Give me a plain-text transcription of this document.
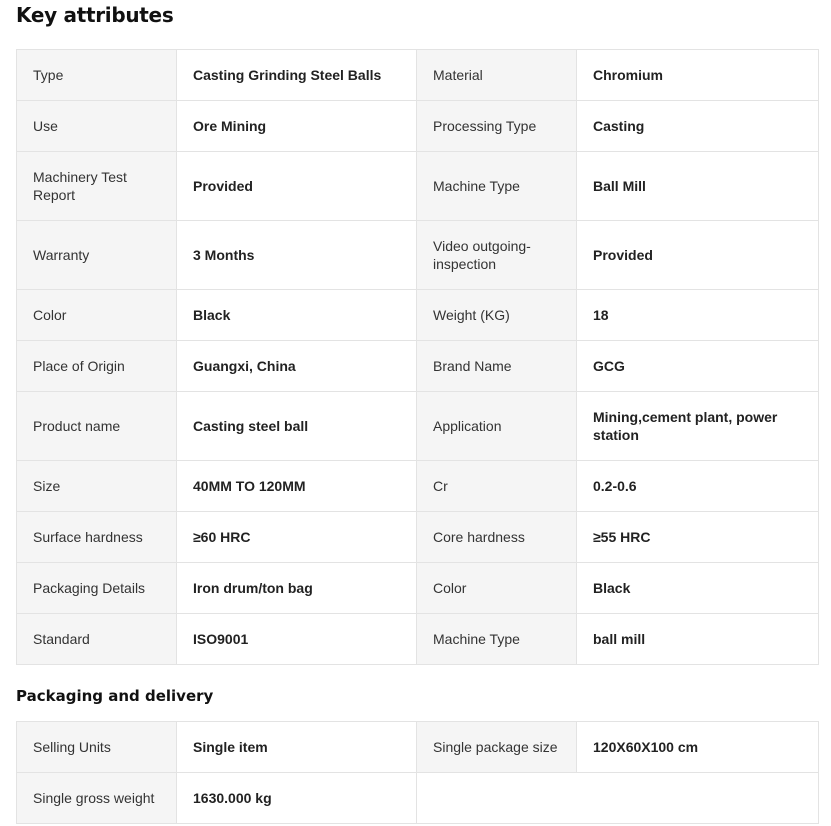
Key attributes
Type	Casting Grinding Steel Balls	Material	Chromium
Use	Ore Mining	Processing Type	Casting
Machinery Test Report	Provided	Machine Type	Ball Mill
Warranty	3 Months	Video outgoing-inspection	Provided
Color	Black	Weight (KG)	18
Place of Origin	Guangxi, China	Brand Name	GCG
Product name	Casting steel ball	Application	Mining,cement plant, power station
Size	40MM TO 120MM	Cr	0.2-0.6
Surface hardness	≥60 HRC	Core hardness	≥55 HRC
Packaging Details	Iron drum/ton bag	Color	Black
Standard	ISO9001	Machine Type	ball mill
Packaging and delivery
Selling Units	Single item	Single package size	120X60X100 cm
Single gross weight	1630.000 kg		
